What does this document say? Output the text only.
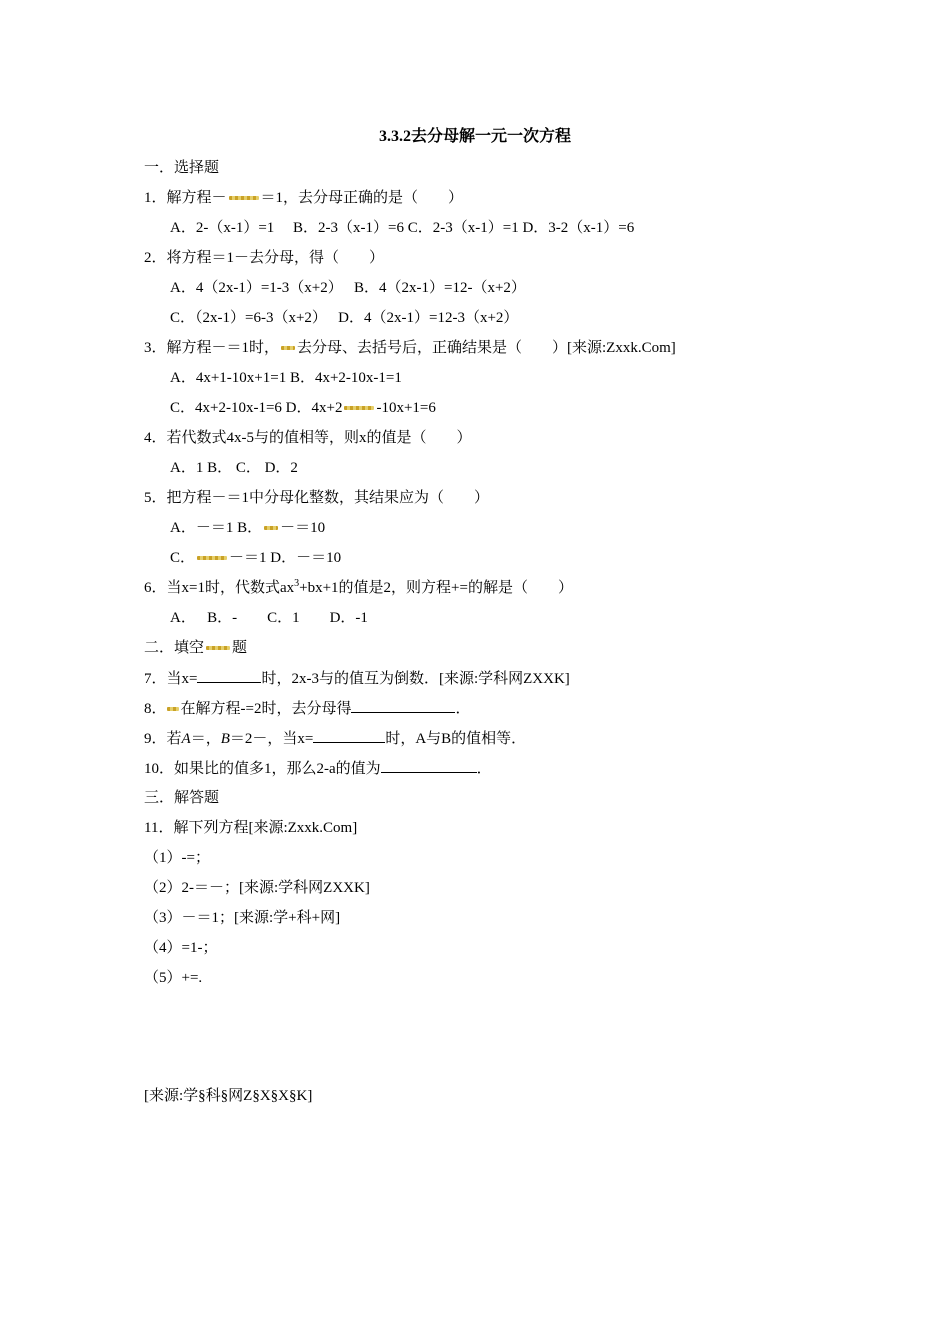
3.3.2去分母解一元一次方程
一．选择题
1．解方程－ ＝1，去分母正确的是（　　）
A．2-（x-1）=1　 B．2-3（x-1）=6 C．2-3（x-1）=1 D．3-2（x-1）=6
2．将方程＝1－去分母，得（　　）
A．4（2x-1）=1-3（x+2）　 B．4（2x-1）=12-（x+2）
C．（2x-1）=6-3（x+2）　 D．4（2x-1）=12-3（x+2）
3．解方程－＝1时， 去分母、去括号后，正确结果是（　　）[来源:Zxxk.Com]
A．4x+1-10x+1=1 B．4x+2-10x-1=1
C．4x+2-10x-1=6 D．4x+2 -10x+1=6
4．若代数式4x-5与的值相等，则x的值是（　　）
A．1 B． C． D．2
5．把方程－＝1中分母化整数，其结果应为（　　）
A．－＝1 B． －＝10
C． －＝1 D．－＝10
6．当x=1时，代数式$ax^3+bx+1$的值是2，则方程+=的解是（　　）
A．　 B．-　　C．1　　D．-1
二．填空 题
7．当x=	时，2x-3与的值互为倒数．[来源:学科网ZXXK]
8． 在解方程-=2时，去分母得	．
9．若A＝，B＝2－，当x=	时，A与B的值相等．
10．如果比的值多1，那么2-a的值为	．
三．解答题
11．解下列方程[来源:Zxxk.Com]
（1）-=；
（2）2-＝－；[来源:学科网ZXXK]
（3）－＝1；[来源:学+科+网]
（4）=1-；
（5）+=.
[来源:学§科§网Z§X§X§K]
